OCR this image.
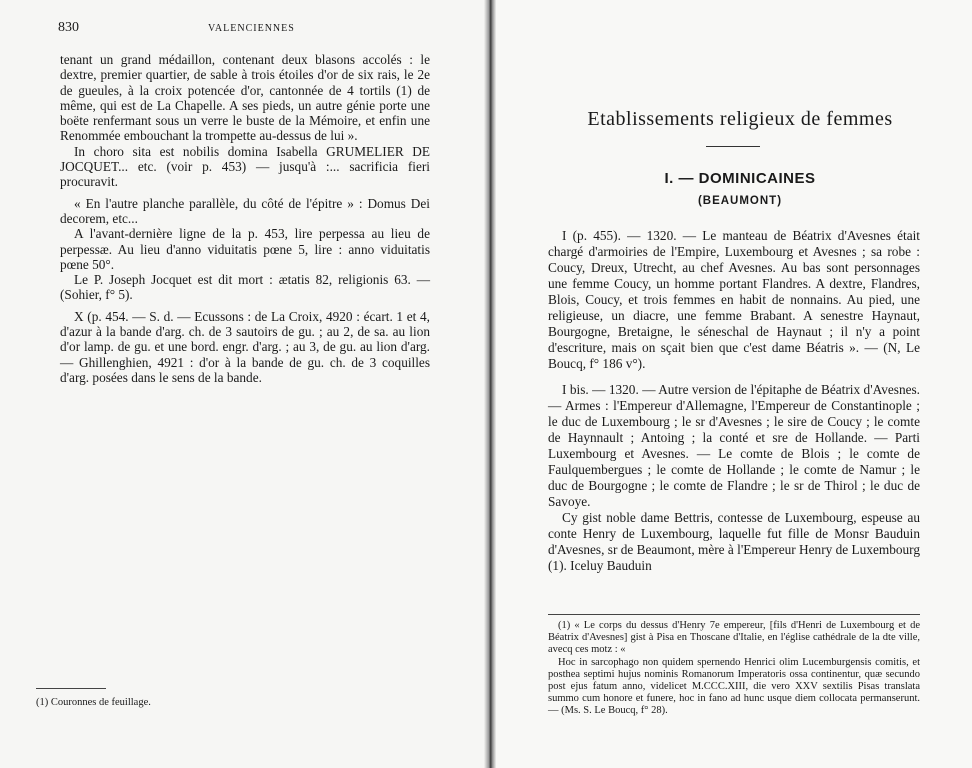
830	VALENCIENNES

tenant un grand médaillon, contenant deux blasons accolés : le dextre, premier quartier, de sable à trois étoiles d'or de six rais, le 2e de gueules, à la croix potencée d'or, cantonnée de 4 tortils (1) de même, qui est de La Chapelle. A ses pieds, un autre génie porte une boëte renfermant sous un verre le buste de la Mémoire, et enfin une Renommée embouchant la trompette au-dessus de lui ».

In choro sita est nobilis domina Isabella GRUMELIER DE JOCQUET... etc. (voir p. 453) — jusqu'à :... sacrificia fieri procuravit.

« En l'autre planche parallèle, du côté de l'épitre » : Domus Dei decorem, etc...

A l'avant-dernière ligne de la p. 453, lire perpessa au lieu de perpessæ. Au lieu d'anno viduitatis pœne 5, lire : anno viduitatis pœne 50°.

Le P. Joseph Jocquet est dit mort : ætatis 82, religionis 63. — (Sohier, f° 5).

X (p. 454. — S. d. — Ecussons : de La Croix, 4920 : écart. 1 et 4, d'azur à la bande d'arg. ch. de 3 sautoirs de gu. ; au 2, de sa. au lion d'or lamp. de gu. et une bord. engr. d'arg. ; au 3, de gu. au lion d'arg. — Ghillenghien, 4921 : d'or à la bande de gu. ch. de 3 coquilles d'arg. posées dans le sens de la bande.

(1) Couronnes de feuillage.
Etablissements religieux de femmes
I. — DOMINICAINES
(BEAUMONT)

I (p. 455). — 1320. — Le manteau de Béatrix d'Avesnes était chargé d'armoiries de l'Empire, Luxembourg et Avesnes ; sa robe : Coucy, Dreux, Utrecht, au chef Avesnes. Au bas sont personnages une femme Coucy, un homme portant Flandres. A dextre, Flandres, Blois, Coucy, et trois femmes en habit de nonnains. Au pied, une religieuse, un diacre, une femme Brabant. A senestre Haynaut, Bourgogne, Bretaigne, le séneschal de Haynaut ; il n'y a point d'escriture, mais on sçait bien que c'est dame Béatris ». — (N, Le Boucq, f° 186 v°).

I bis. — 1320. — Autre version de l'épitaphe de Béatrix d'Avesnes. — Armes : l'Empereur d'Allemagne, l'Empereur de Constantinople ; le duc de Luxembourg ; le sr d'Avesnes ; le sire de Coucy ; le comte de Haynnault ; Antoing ; la conté et sre de Hollande. — Parti Luxembourg et Avesnes. — Le comte de Blois ; le comte de Faulquembergues ; le comte de Hollande ; le comte de Namur ; le duc de Bourgogne ; le comte de Flandre ; le sr de Thirol ; le duc de Savoye.

Cy gist noble dame Bettris, contesse de Luxembourg, espeuse au conte Henry de Luxembourg, laquelle fut fille de Monsr Bauduin d'Avesnes, sr de Beaumont, mère à l'Empereur Henry de Luxembourg (1). Iceluy Bauduin

(1) « Le corps du dessus d'Henry 7e empereur, [fils d'Henri de Luxembourg et de Béatrix d'Avesnes] gist à Pisa en Thoscane d'Italie, en l'église cathédrale de la dte ville, avecq ces motz : «

Hoc in sarcophago non quidem spernendo Henrici olim Lucemburgensis comitis, et posthea septimi hujus nominis Romanorum Imperatoris ossa continentur, quæ secundo post ejus fatum anno, videlicet M.CCC.XIII, die vero XXV sextilis Pisas translata summo cum honore et funere, hoc in fano ad hunc usque diem collocata permanserunt. — (Ms. S. Le Boucq, f° 28).
